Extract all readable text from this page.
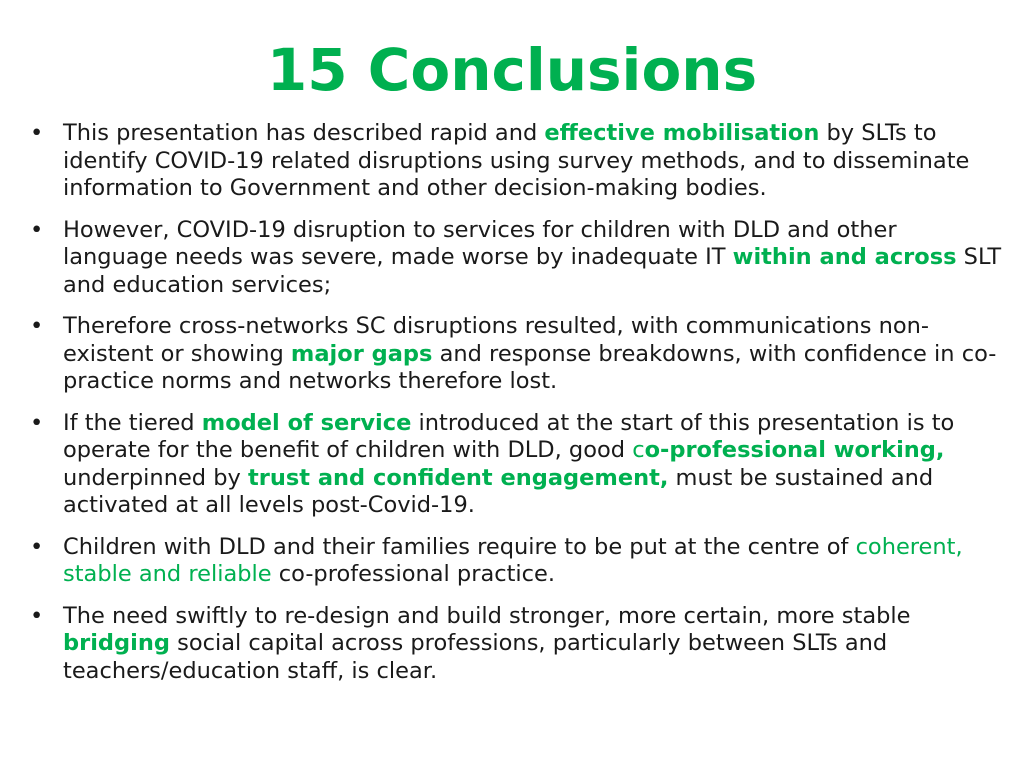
15 Conclusions
• This presentation has described rapid and effective mobilisation by SLTs to identify COVID-19 related disruptions using survey methods, and to disseminate information to Government and other decision-making bodies.
• However, COVID-19 disruption to services for children with DLD and other language needs was severe, made worse by inadequate IT within and across SLT and education services;
• Therefore cross-networks SC disruptions resulted, with communications non-existent or showing major gaps and response breakdowns, with confidence in co-practice norms and networks therefore lost.
• If the tiered model of service introduced at the start of this presentation is to operate for the benefit of children with DLD, good co-professional working, underpinned by trust and confident engagement, must be sustained and activated at all levels post-Covid-19.
• Children with DLD and their families require to be put at the centre of coherent, stable and reliable co-professional practice.
• The need swiftly to re-design and build stronger, more certain, more stable bridging social capital across professions, particularly between SLTs and teachers/education staff, is clear.
